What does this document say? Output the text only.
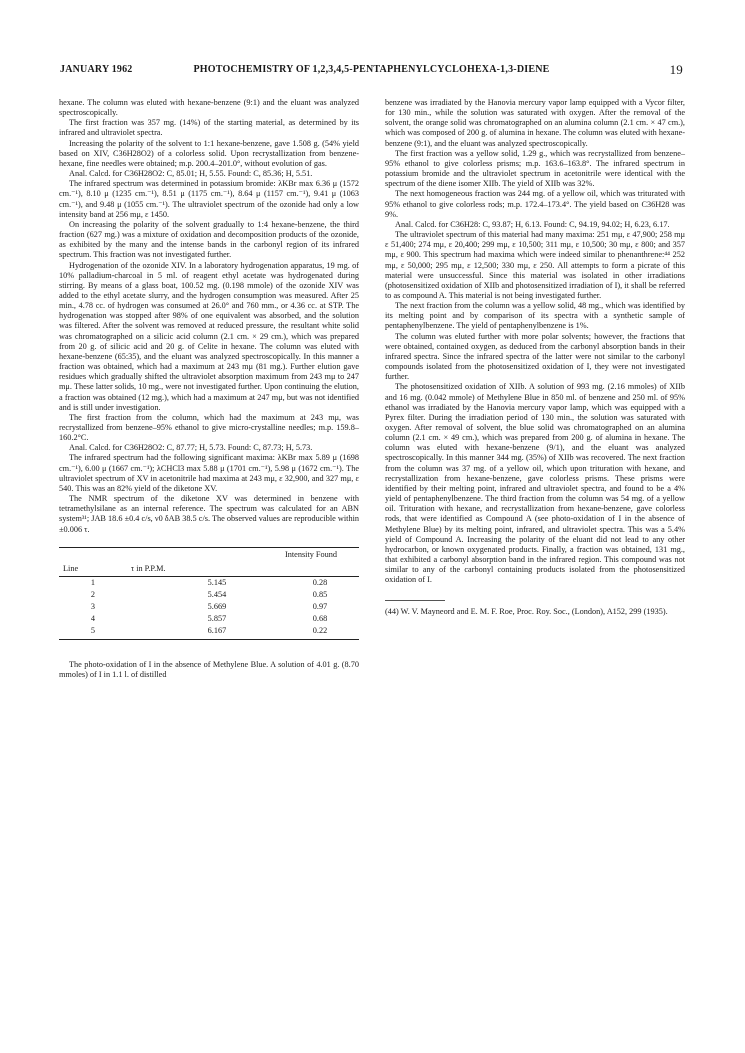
JANUARY 1962	PHOTOCHEMISTRY OF 1,2,3,4,5-PENTAPHENYLCYCLOHEXA-1,3-DIENE	19

hexane. The column was eluted with hexane-benzene (9:1) and the eluant was analyzed spectroscopically.

The first fraction was 357 mg. (14%) of the starting material, as determined by its infrared and ultraviolet spectra.

Increasing the polarity of the solvent to 1:1 hexane-benzene, gave 1.508 g. (54% yield based on XIV, C36H28O2) of a colorless solid. Upon recrystallization from benzene-hexane, fine needles were obtained; m.p. 200.4–201.0°, without evolution of gas.

Anal. Calcd. for C36H28O2: C, 85.01; H, 5.55. Found: C, 85.36; H, 5.51.

The infrared spectrum was determined in potassium bromide: λKBr max 6.36 μ (1572 cm.⁻¹), 8.10 μ (1235 cm.⁻¹), 8.51 μ (1175 cm.⁻¹), 8.64 μ (1157 cm.⁻¹), 9.41 μ (1063 cm.⁻¹), and 9.48 μ (1055 cm.⁻¹). The ultraviolet spectrum of the ozonide had only a low intensity band at 256 mμ, ε 1450.

On increasing the polarity of the solvent gradually to 1:4 hexane-benzene, the third fraction (627 mg.) was a mixture of oxidation and decomposition products of the ozonide, as exhibited by the many and the intense bands in the carbonyl region of its infrared spectrum. This fraction was not investigated further.

Hydrogenation of the ozonide XIV. In a laboratory hydrogenation apparatus, 19 mg. of 10% palladium-charcoal in 5 ml. of reagent ethyl acetate was hydrogenated during stirring. By means of a glass boat, 100.52 mg. (0.198 mmole) of the ozonide XIV was added to the ethyl acetate slurry, and the hydrogen consumption was measured. After 25 min., 4.78 cc. of hydrogen was consumed at 26.0° and 760 mm., or 4.36 cc. at STP. The hydrogenation was stopped after 98% of one equivalent was absorbed, and the solution was filtered. After the solvent was removed at reduced pressure, the resultant white solid was chromatographed on a silicic acid column (2.1 cm. × 29 cm.), which was prepared from 20 g. of silicic acid and 20 g. of Celite in hexane. The column was eluted with hexane-benzene (65:35), and the eluant was analyzed spectroscopically. In this manner a fraction was obtained, which had a maximum at 243 mμ (81 mg.). Further elution gave residues which gradually shifted the ultraviolet absorption maximum from 243 mμ to 247 mμ. These latter solids, 10 mg., were not investigated further. Upon continuing the elution, a fraction was obtained (12 mg.), which had a maximum at 247 mμ, but was not identified and is still under investigation.

The first fraction from the column, which had the maximum at 243 mμ, was recrystallized from benzene–95% ethanol to give micro-crystalline needles; m.p. 159.8–160.2°C.

Anal. Calcd. for C36H28O2: C, 87.77; H, 5.73. Found: C, 87.73; H, 5.73.

The infrared spectrum had the following significant maxima: λKBr max 5.89 μ (1698 cm.⁻¹), 6.00 μ (1667 cm.⁻¹); λCHCl3 max 5.88 μ (1701 cm.⁻¹), 5.98 μ (1672 cm.⁻¹). The ultraviolet spectrum of XV in acetonitrile had maxima at 243 mμ, ε 32,900, and 327 mμ, ε 540. This was an 82% yield of the diketone XV.

The NMR spectrum of the diketone XV was determined in benzene with tetramethylsilane as an internal reference. The spectrum was calculated for an ABN system³¹; JAB 18.6 ±0.4 c/s, ν0 δAB 38.5 c/s. The observed values are reproducible within ±0.006 τ.

		Intensity Found
Line	τ in P.P.M.	
1	5.145	0.28
2	5.454	0.85
3	5.669	0.97
4	5.857	0.68
5	6.167	0.22

The photo-oxidation of I in the absence of Methylene Blue. A solution of 4.01 g. (8.70 mmoles) of I in 1.1 l. of distilled

benzene was irradiated by the Hanovia mercury vapor lamp equipped with a Vycor filter, for 130 min., while the solution was saturated with oxygen. After the removal of the solvent, the orange solid was chromatographed on an alumina column (2.1 cm. × 47 cm.), which was composed of 200 g. of alumina in hexane. The column was eluted with hexane-benzene (9:1), and the eluant was analyzed spectroscopically.

The first fraction was a yellow solid, 1.29 g., which was recrystallized from benzene–95% ethanol to give colorless prisms; m.p. 163.6–163.8°. The infrared spectrum in potassium bromide and the ultraviolet spectrum in acetonitrile were identical with the spectrum of the diene isomer XIIb. The yield of XIIb was 32%.

The next homogeneous fraction was 244 mg. of a yellow oil, which was triturated with 95% ethanol to give colorless rods; m.p. 172.4–173.4°. The yield based on C36H28 was 9%.

Anal. Calcd. for C36H28: C, 93.87; H, 6.13. Found: C, 94.19, 94.02; H, 6.23, 6.17.

The ultraviolet spectrum of this material had many maxima: 251 mμ, ε 47,900; 258 mμ ε 51,400; 274 mμ, ε 20,400; 299 mμ, ε 10,500; 311 mμ, ε 10,500; 30 mμ, ε 800; and 357 mμ, ε 900. This spectrum had maxima which were indeed similar to phenanthrene:⁴⁴ 252 mμ, ε 50,000; 295 mμ, ε 12,500; 330 mμ, ε 250. All attempts to form a picrate of this material were unsuccessful. Since this material was isolated in other irradiations (photosensitized oxidation of XIIb and photosensitized irradiation of I), it shall be referred to as compound A. This material is not being investigated further.

The next fraction from the column was a yellow solid, 48 mg., which was identified by its melting point and by comparison of its spectra with a synthetic sample of pentaphenylbenzene. The yield of pentaphenylbenzene is 1%.

The column was eluted further with more polar solvents; however, the fractions that were obtained, contained oxygen, as deduced from the carbonyl absorption bands in their infrared spectra. Since the infrared spectra of the latter were not similar to the carbonyl compounds isolated from the photosensitized oxidation of I, they were not investigated further.

The photosensitized oxidation of XIIb. A solution of 993 mg. (2.16 mmoles) of XIIb and 16 mg. (0.042 mmole) of Methylene Blue in 850 ml. of benzene and 250 ml. of 95% ethanol was irradiated by the Hanovia mercury vapor lamp, which was equipped with a Pyrex filter. During the irradiation period of 130 min., the solution was saturated with oxygen. After removal of solvent, the blue solid was chromatographed on an alumina column (2.1 cm. × 49 cm.), which was prepared from 200 g. of alumina in hexane. The column was eluted with hexane-benzene (9/1), and the eluant was analyzed spectroscopically. In this manner 344 mg. (35%) of XIIb was recovered. The next fraction from the column was 37 mg. of a yellow oil, which upon trituration with hexane, and recrystallization from hexane-benzene, gave colorless prisms. These prisms were identified by their melting point, infrared and ultraviolet spectra, and found to be a 4% yield of pentaphenylbenzene. The third fraction from the column was 54 mg. of a yellow oil. Trituration with hexane, and recrystallization from hexane-benzene, gave colorless rods, that were identified as Compound A (see photo-oxidation of I in the absence of Methylene Blue) by its melting point, infrared, and ultraviolet spectra. This was a 5.4% yield of Compound A. Increasing the polarity of the eluant did not lead to any other hydrocarbon, or known oxygenated products. Finally, a fraction was obtained, 131 mg., that exhibited a carbonyl absorption band in the infrared region. This compound was not similar to any of the carbonyl containing products isolated from the photosensitized oxidation of I.

(44) W. V. Mayneord and E. M. F. Roe, Proc. Roy. Soc., (London), A152, 299 (1935).
